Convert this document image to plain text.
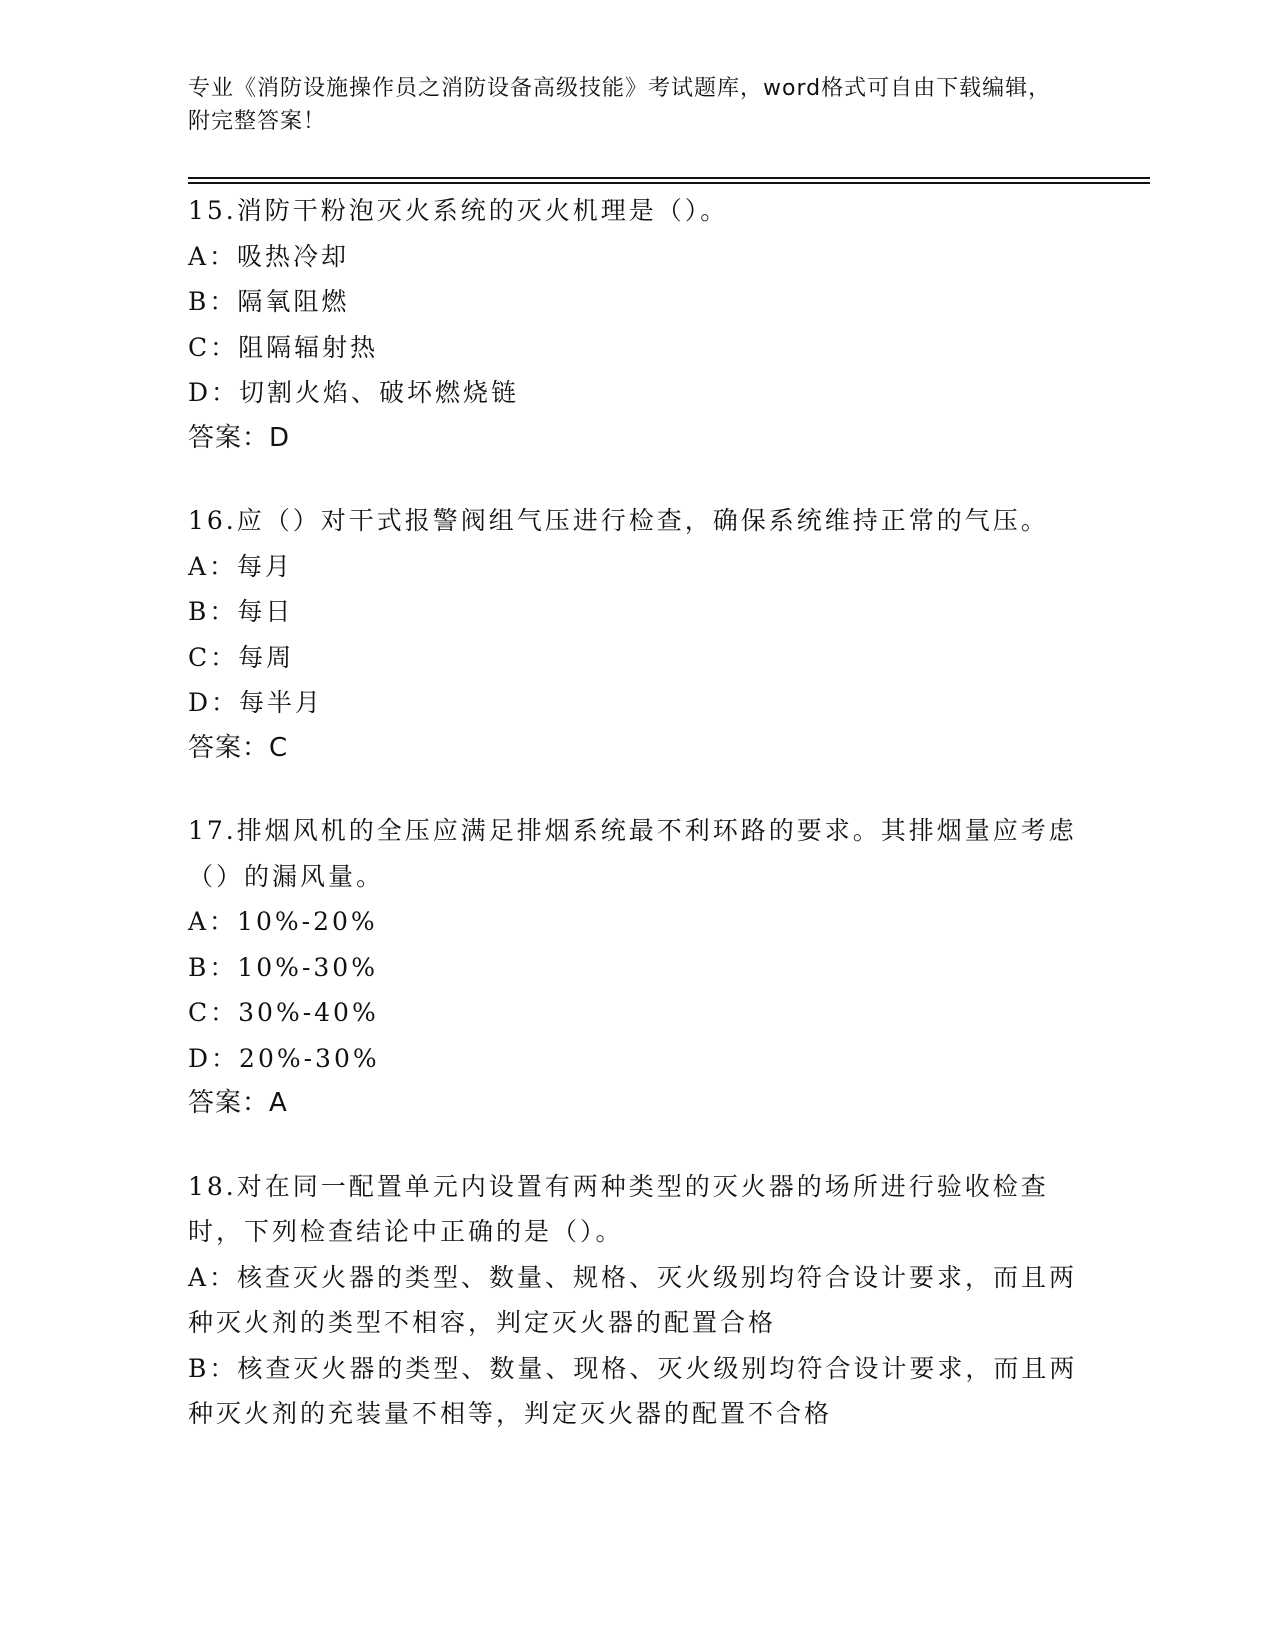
专业《消防设施操作员之消防设备高级技能》考试题库，word格式可自由下载编辑，附完整答案！
15.消防干粉泡灭火系统的灭火机理是（）。
A：吸热冷却
B：隔氧阻燃
C：阻隔辐射热
D：切割火焰、破坏燃烧链
答案：D
16.应（）对干式报警阀组气压进行检查，确保系统维持正常的气压。
A：每月
B：每日
C：每周
D：每半月
答案：C
17.排烟风机的全压应满足排烟系统最不利环路的要求。其排烟量应考虑（）的漏风量。
A：10%-20%
B：10%-30%
C：30%-40%
D：20%-30%
答案：A
18.对在同一配置单元内设置有两种类型的灭火器的场所进行验收检查时，下列检查结论中正确的是（）。
A：核查灭火器的类型、数量、规格、灭火级别均符合设计要求，而且两种灭火剂的类型不相容，判定灭火器的配置合格
B：核查灭火器的类型、数量、现格、灭火级别均符合设计要求，而且两种灭火剂的充装量不相等，判定灭火器的配置不合格
